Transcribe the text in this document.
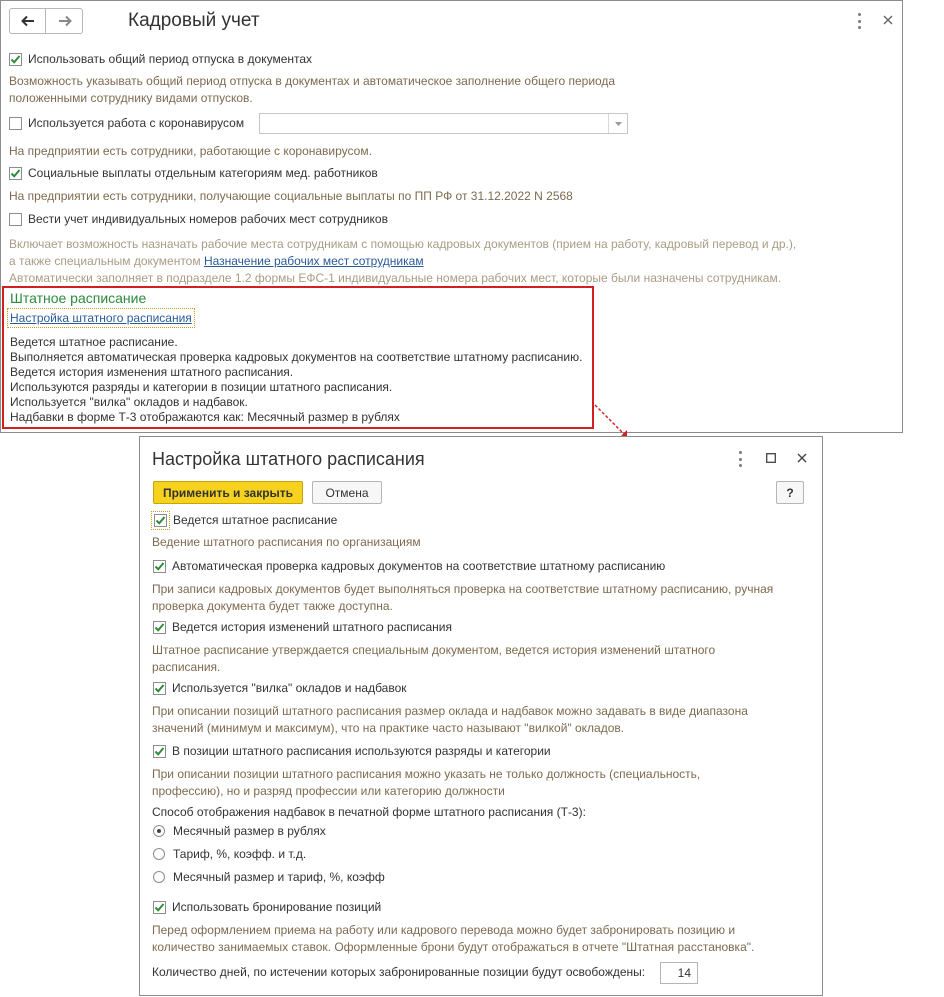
Кадровый учет
Использовать общий период отпуска в документах
Возможность указывать общий период отпуска в документах и автоматическое заполнение общего периода
положенными сотруднику видами отпусков.
Используется работа с коронавирусом
На предприятии есть сотрудники, работающие с коронавирусом.
Социальные выплаты отдельным категориям мед. работников
На предприятии есть сотрудники, получающие социальные выплаты по ПП РФ от 31.12.2022 N 2568
Вести учет индивидуальных номеров рабочих мест сотрудников
Включает возможность назначать рабочие места сотрудникам с помощью кадровых документов (прием на работу, кадровый перевод и др.),
а также специальным документом Назначение рабочих мест сотрудникам
Автоматически заполняет в подразделе 1.2 формы ЕФС-1 индивидуальные номера рабочих мест, которые были назначены сотрудникам.
Штатное расписание
Настройка штатного расписания
Ведется штатное расписание.
Выполняется автоматическая проверка кадровых документов на соответствие штатному расписанию.
Ведется история изменения штатного расписания.
Используются разряды и категории в позиции штатного расписания.
Используется "вилка" окладов и надбавок.
Надбавки в форме Т-3 отображаются как: Месячный размер в рублях
Настройка штатного расписания
Применить и закрыть	Отмена	?
Ведется штатное расписание
Ведение штатного расписания по организациям
Автоматическая проверка кадровых документов на соответствие штатному расписанию
При записи кадровых документов будет выполняться проверка на соответствие штатному расписанию, ручная
проверка документа будет также доступна.
Ведется история изменений штатного расписания
Штатное расписание утверждается специальным документом, ведется история изменений штатного
расписания.
Используется "вилка" окладов и надбавок
При описании позиций штатного расписания размер оклада и надбавок можно задавать в виде диапазона
значений (минимум и максимум), что на практике часто называют "вилкой" окладов.
В позиции штатного расписания используются разряды и категории
При описании позиции штатного расписания можно указать не только должность (специальность,
профессию), но и разряд профессии или категорию должности
Способ отображения надбавок в печатной форме штатного расписания (Т-3):
Месячный размер в рублях
Тариф, %, коэфф. и т.д.
Месячный размер и тариф, %, коэфф
Использовать бронирование позиций
Перед оформлением приема на работу или кадрового перевода можно будет забронировать позицию и
количество занимаемых ставок. Оформленные брони будут отображаться в отчете "Штатная расстановка".
Количество дней, по истечении которых забронированные позиции будут освобождены:	14
